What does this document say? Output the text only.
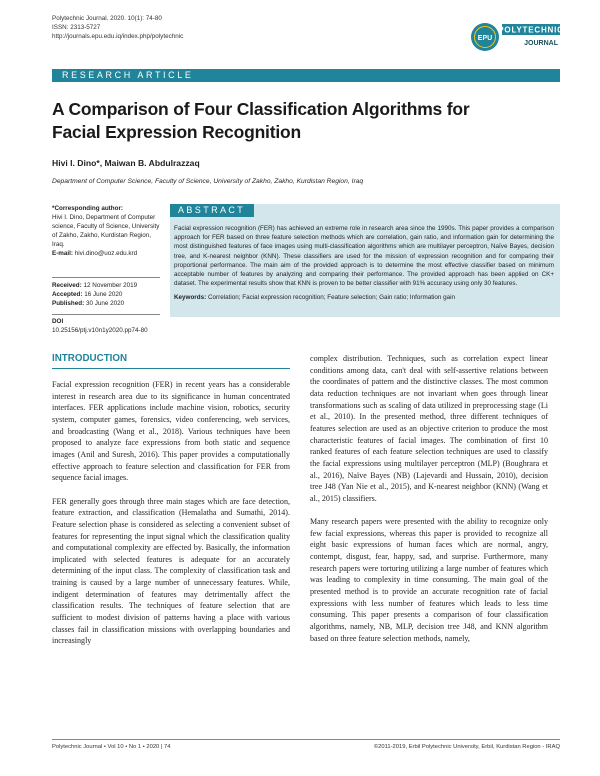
Polytechnic Journal. 2020. 10(1): 74-80
ISSN: 2313-5727
http://journals.epu.edu.iq/index.php/polytechnic	EPU
POLYTECHNIC
JOURNAL
RESEARCH ARTICLE
A Comparison of Four Classification Algorithms for Facial Expression Recognition
Hivi I. Dino*, Maiwan B. Abdulrazzaq
Department of Computer Science, Faculty of Science, University of Zakho, Zakho, Kurdistan Region, Iraq

*Corresponding author:

Hivi I. Dino, Department of Computer science, Faculty of Science, University of Zakho, Zakho, Kurdistan Region, Iraq.

E-mail: hivi.dino@uoz.edu.krd

Received: 12 November 2019

Accepted: 16 June 2020

Published: 30 June 2020

DOI

10.25156/ptj.v10n1y2020.pp74-80

ABSTRACT
Facial expression recognition (FER) has achieved an extreme role in research area since the 1990s. This paper provides a comparison approach for FER based on three feature selection methods which are correlation, gain ratio, and information gain for determining the most distinguished features of face images using multi-classification algorithms which are multilayer perceptron, Naïve Bayes, decision tree, and K-nearest neighbor (KNN). These classifiers are used for the mission of expression recognition and for comparing their proportional performance. The main aim of the provided approach is to determine the most effective classifier based on minimum acceptable number of features by analyzing and comparing their performance. The provided approach has been applied on CK+ dataset. The experimental results show that KNN is proven to be better classifier with 91% accuracy using only 30 features.
Keywords: Correlation; Facial expression recognition; Feature selection; Gain ratio; Information gain
INTRODUCTION

Facial expression recognition (FER) in recent years has a considerable interest in research area due to its significance in human concentrated interfaces. FER applications include machine vision, robotics, security system, computer games, forensics, video conferencing, web services, and broadcasting (Wang et al., 2018). Various techniques have been proposed to analyze face expressions from both static and sequence images (Anil and Suresh, 2016). This paper provides a computationally effective approach to feature selection and classification for FER from sequence facial images.

FER generally goes through three main stages which are face detection, feature extraction, and classification (Hemalatha and Sumathi, 2014). Feature selection phase is considered as selecting a convenient subset of features for representing the input signal which the classification quality and computational complexity are effected by. Basically, the information implicated with selected features is adequate for an accurately determining of the input class. The complexity of classification task and training is caused by a large number of unnecessary features. While, indigent determination of features may detrimentally affect the classification results. The techniques of feature selection that are sufficient to modest division of patterns having a place with various classes fail in classification missions with overlapping boundaries and increasingly

complex distribution. Techniques, such as correlation expect linear conditions among data, can't deal with self-assertive relations between the coordinates of pattern and the distinctive classes. The most common data reduction techniques are not invariant when goes through linear transformations such as scaling of data utilized in preprocessing stage (Li et al., 2010). In the presented method, three different techniques of features selection are used as an objective criterion to produce the most characteristic features of facial images. The combination of first 10 ranked features of each feature selection techniques are used to classify the facial expressions using multilayer perceptron (MLP) (Boughrara et al., 2016), Naïve Bayes (NB) (Lajevardi and Hussain, 2010), decision tree J48 (Yan Nie et al., 2015), and K-nearest neighbor (KNN) (Wang et al., 2015) classifiers.

Many research papers were presented with the ability to recognize only few facial expressions, whereas this paper is provided to recognize all eight basic expressions of human faces which are normal, angry, contempt, disgust, fear, happy, sad, and surprise. Furthermore, many research papers were torturing utilizing a large number of features which was leading to complexity in time consuming. The main goal of the presented method is to provide an accurate recognition rate of facial expressions with less number of features which leads to less time consuming. This paper presents a comparison of four classification algorithms, namely, NB, MLP, decision tree J48, and KNN algorithm based on three feature selection methods, namely,

Polytechnic Journal • Vol 10 • No 1 • 2020 | 74	©2011-2019, Erbil Polytechnic University, Erbil, Kurdistan Region - IRAQ
